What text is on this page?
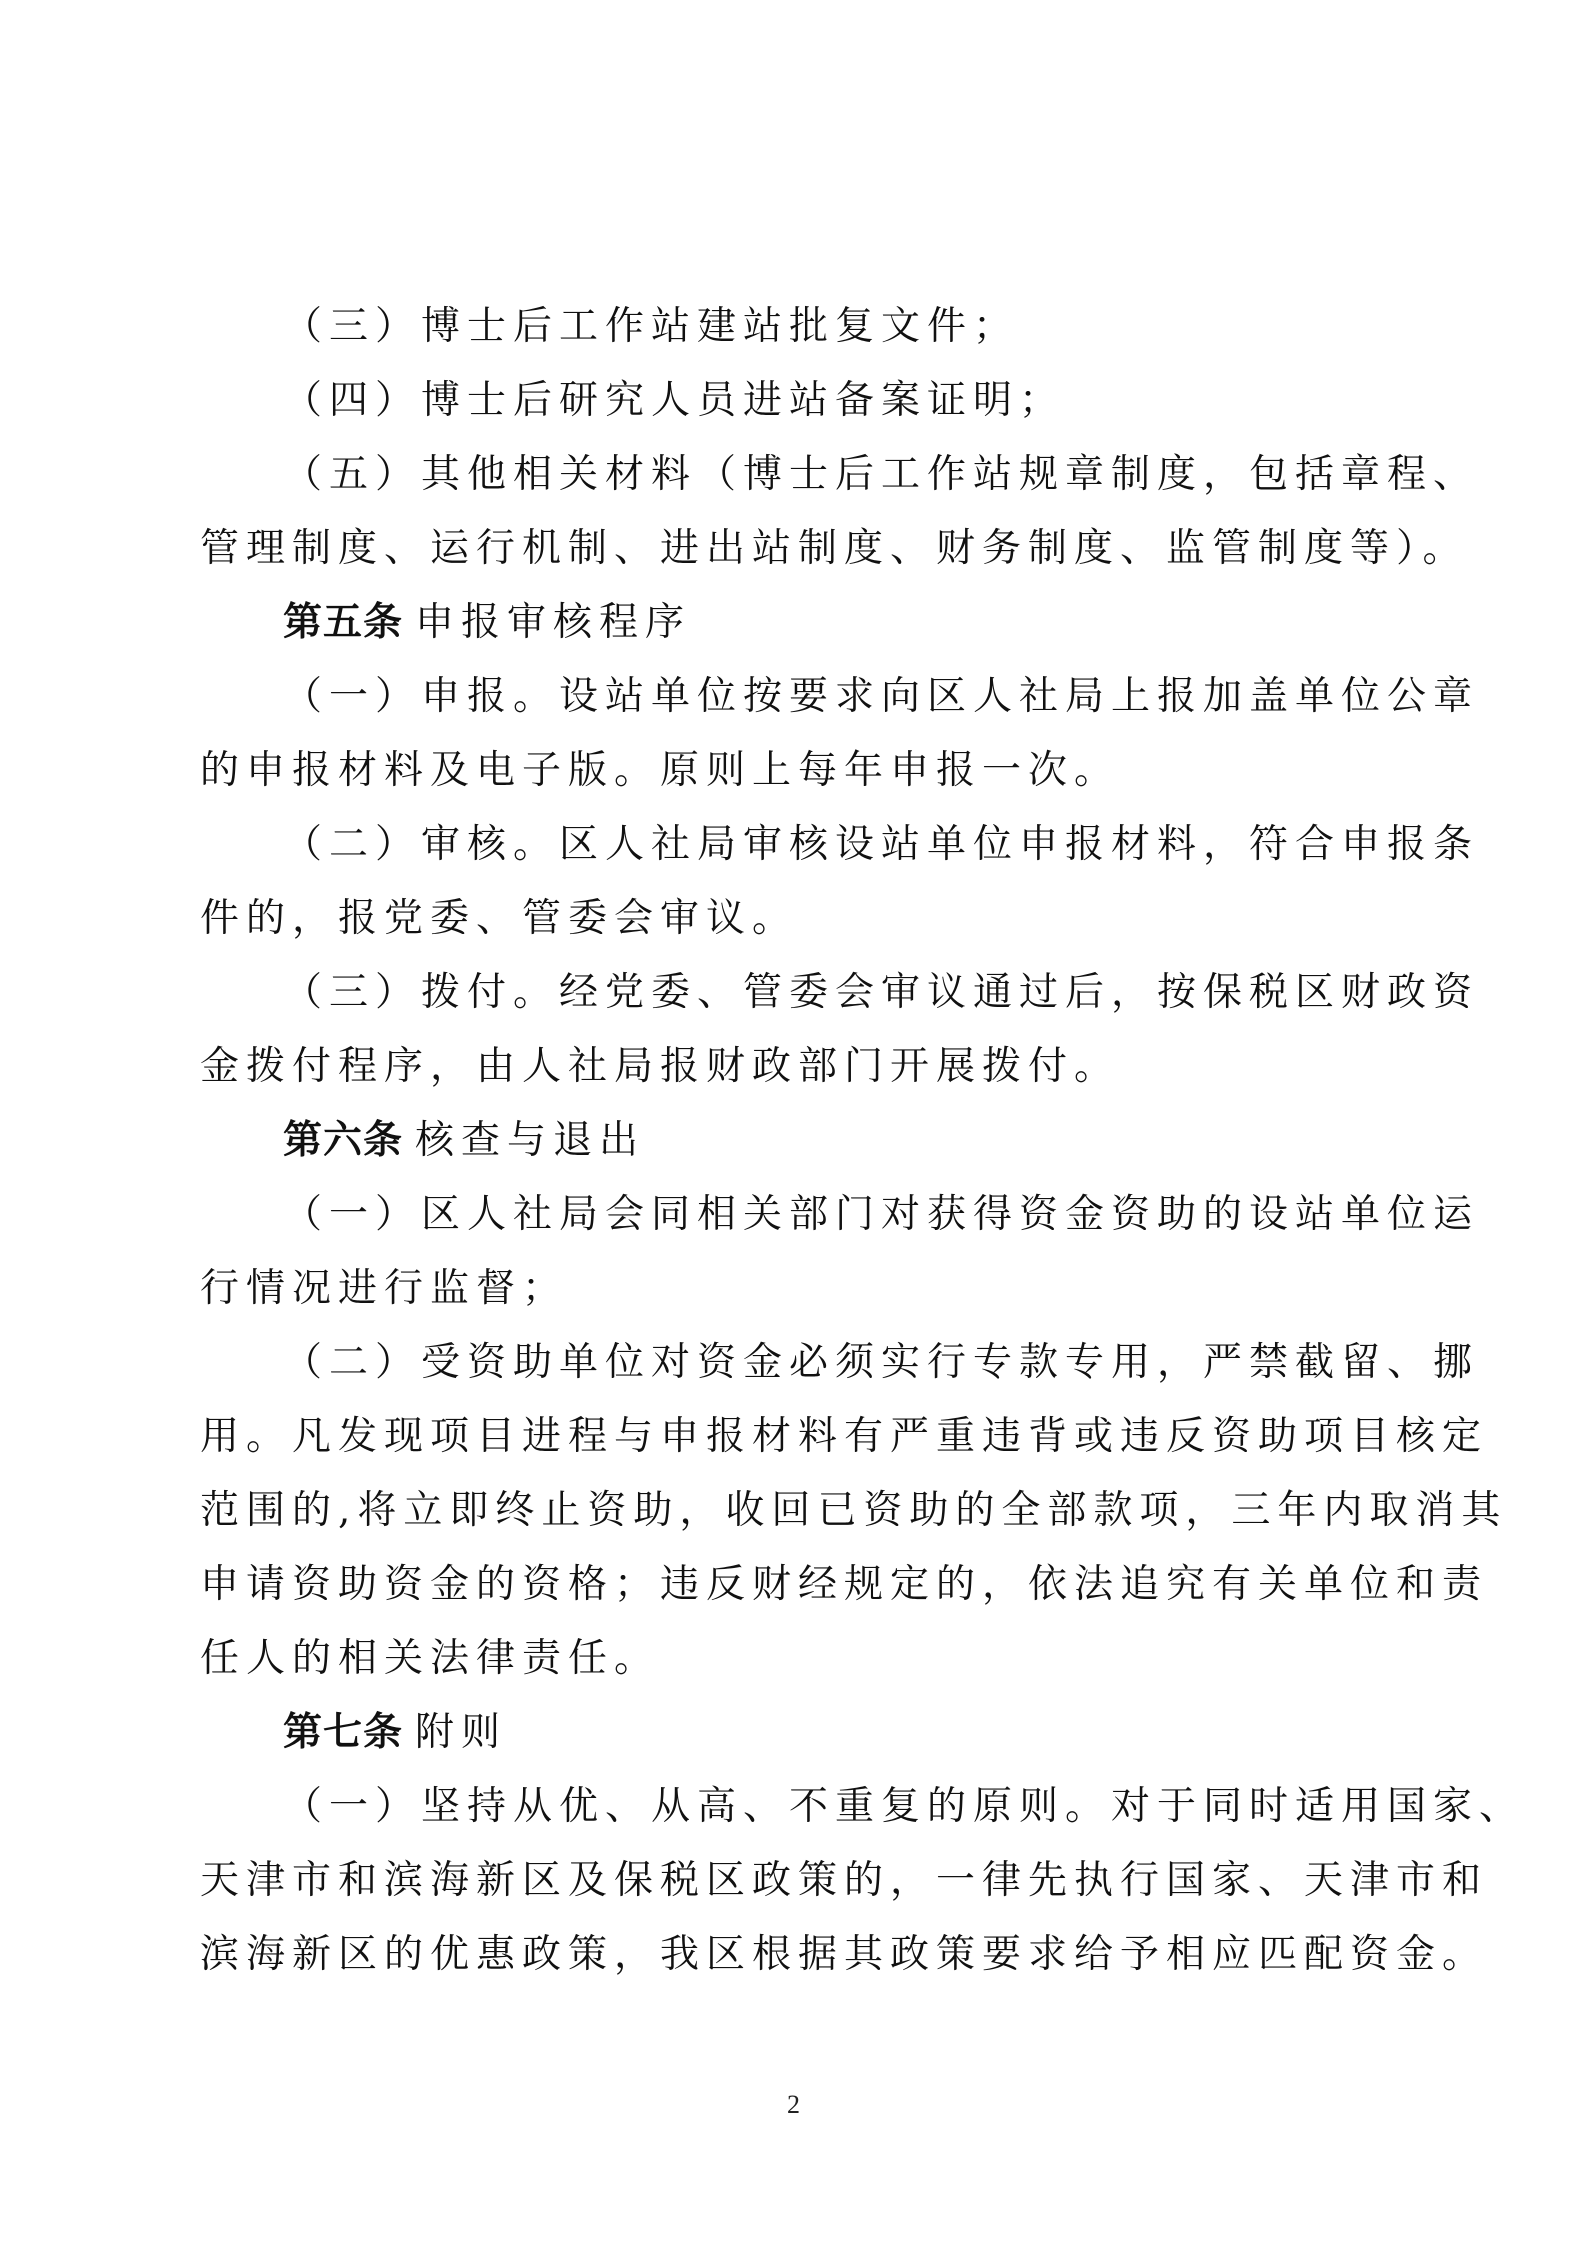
（三）博士后工作站建站批复文件；
（四）博士后研究人员进站备案证明；
（五）其他相关材料（博士后工作站规章制度，包括章程、
管理制度、运行机制、进出站制度、财务制度、监管制度等）。
第五条 申报审核程序
（一）申报。设站单位按要求向区人社局上报加盖单位公章
的申报材料及电子版。原则上每年申报一次。
（二）审核。区人社局审核设站单位申报材料，符合申报条
件的，报党委、管委会审议。
（三）拨付。经党委、管委会审议通过后，按保税区财政资
金拨付程序，由人社局报财政部门开展拨付。
第六条 核查与退出
（一）区人社局会同相关部门对获得资金资助的设站单位运
行情况进行监督；
（二）受资助单位对资金必须实行专款专用，严禁截留、挪
用。凡发现项目进程与申报材料有严重违背或违反资助项目核定
范围的,将立即终止资助，收回已资助的全部款项，三年内取消其
申请资助资金的资格；违反财经规定的，依法追究有关单位和责
任人的相关法律责任。
第七条 附则
（一）坚持从优、从高、不重复的原则。对于同时适用国家、
天津市和滨海新区及保税区政策的，一律先执行国家、天津市和
滨海新区的优惠政策，我区根据其政策要求给予相应匹配资金。
2
